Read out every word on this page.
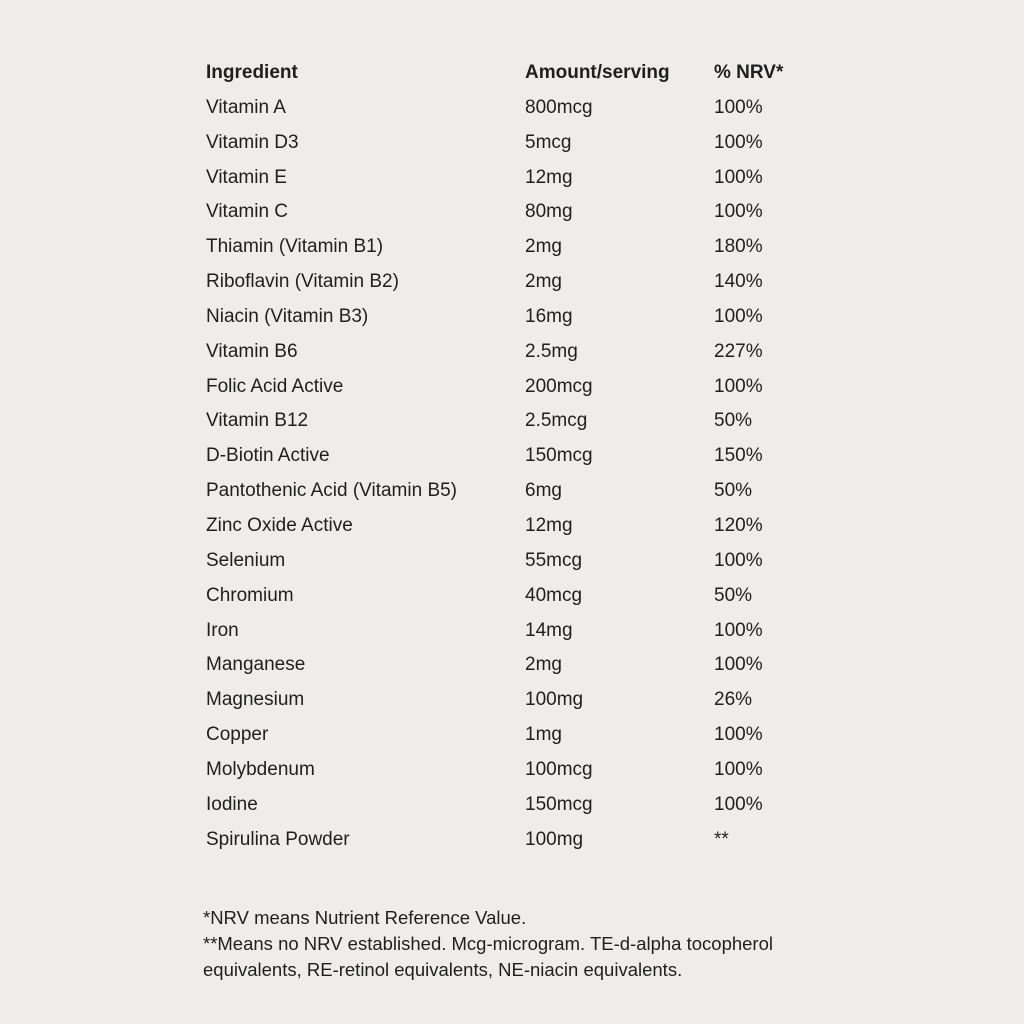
Ingredient	Amount/serving	% NRV*
Vitamin A	800mcg	100%
Vitamin D3	5mcg	100%
Vitamin E	12mg	100%
Vitamin C	80mg	100%
Thiamin (Vitamin B1)	2mg	180%
Riboflavin (Vitamin B2)	2mg	140%
Niacin (Vitamin B3)	16mg	100%
Vitamin B6	2.5mg	227%
Folic Acid Active	200mcg	100%
Vitamin B12	2.5mcg	50%
D-Biotin Active	150mcg	150%
Pantothenic Acid (Vitamin B5)	6mg	50%
Zinc Oxide Active	12mg	120%
Selenium	55mcg	100%
Chromium	40mcg	50%
Iron	14mg	100%
Manganese	2mg	100%
Magnesium	100mg	26%
Copper	1mg	100%
Molybdenum	100mcg	100%
Iodine	150mcg	100%
Spirulina Powder	100mg	**

*NRV means Nutrient Reference Value.

**Means no NRV established. Mcg-microgram. TE-d-alpha tocopherol

equivalents, RE-retinol equivalents, NE-niacin equivalents.
